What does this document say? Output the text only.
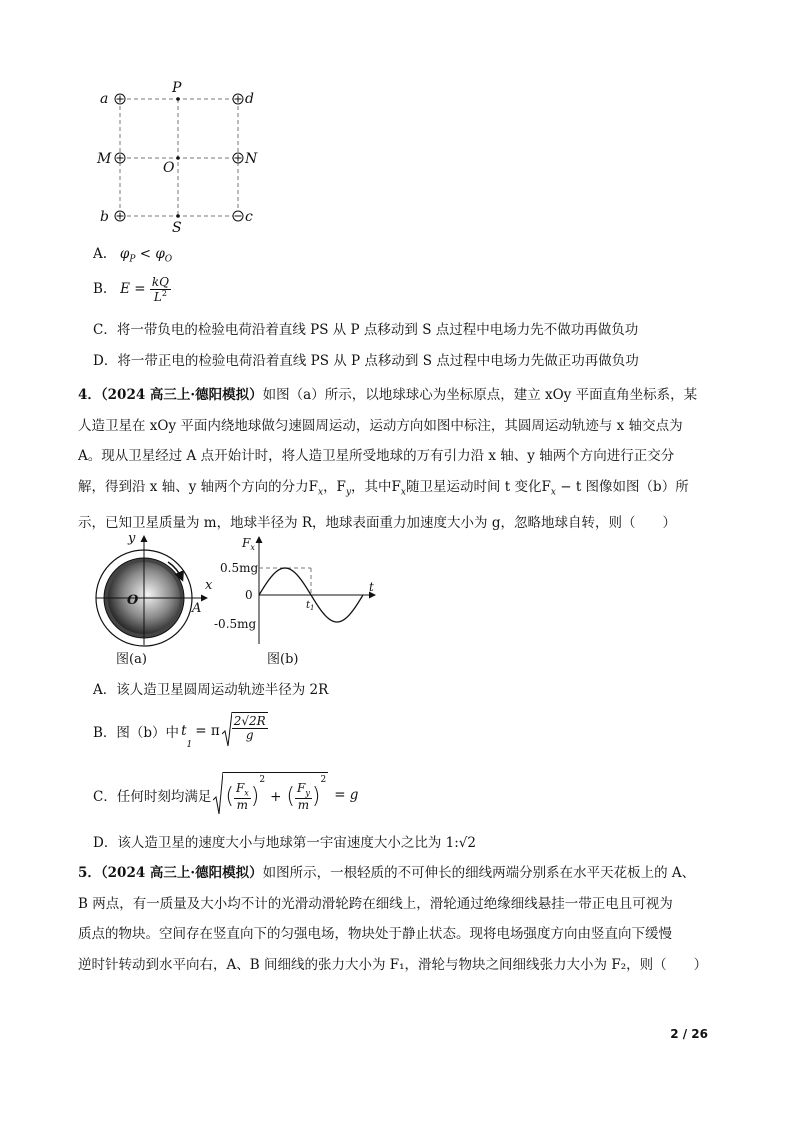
a
P
d
M
O
N
b
S
c
A. $\varphi_P < \varphi_O$
B. $E = \frac{kQ}{L^2}$
C．将一带负电的检验电荷沿着直线 PS 从 P 点移动到 S 点过程中电场力先不做功再做负功
D．将一带正电的检验电荷沿着直线 PS 从 P 点移动到 S 点过程中电场力先做正功再做负功
4．（2024 高三上·德阳模拟）如图（a）所示，以地球球心为坐标原点，建立 xOy 平面直角坐标系，某
人造卫星在 xOy 平面内绕地球做匀速圆周运动，运动方向如图中标注，其圆周运动轨迹与 x 轴交点为
A。现从卫星经过 A 点开始计时，将人造卫星所受地球的万有引力沿 x 轴、y 轴两个方向进行正交分
解，得到沿 x 轴、y 轴两个方向的分力$F_x$，$F_y$，其中$F_x$随卫星运动时间 t 变化$F_x - t$ 图像如图（b）所
示，已知卫星质量为 m，地球半径为 R，地球表面重力加速度大小为 g，忽略地球自转，则（　　）
y
x
O
A
图(a)
$F_x$
t
0.5mg
0
-0.5mg
$t_1$
图(b)
A．该人造卫星圆周运动轨迹半径为 2R
B．图（b）中 t
1
= π $\frac{2√2R}{g}$
C．任何时刻均满足 ( $\frac{F_x}{m}$ )
$^2$
+ ( $\frac{F_y}{m}$ )
$^2$
= g
D．该人造卫星的速度大小与地球第一宇宙速度大小之比为 1:√2
5．（2024 高三上·德阳模拟）如图所示，一根轻质的不可伸长的细线两端分别系在水平天花板上的 A、
B 两点，有一质量及大小均不计的光滑动滑轮跨在细线上，滑轮通过绝缘细线悬挂一带正电且可视为
质点的物块。空间存在竖直向下的匀强电场，物块处于静止状态。现将电场强度方向由竖直向下缓慢
逆时针转动到水平向右，A、B 间细线的张力大小为 F₁，滑轮与物块之间细线张力大小为 F₂，则（　　）
2 / 26
